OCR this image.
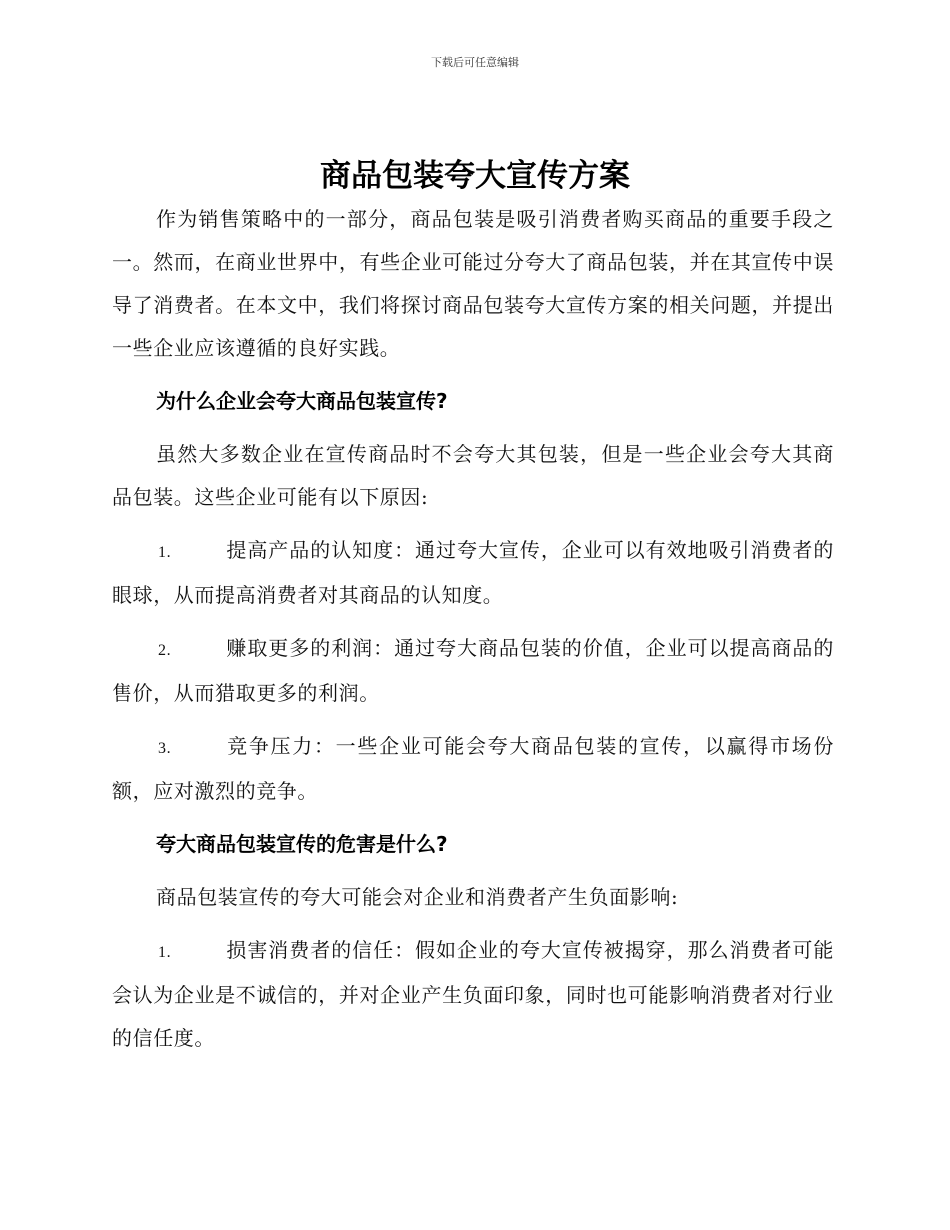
下载后可任意编辑
商品包装夸大宣传方案

作为销售策略中的一部分，商品包装是吸引消费者购买商品的重要手段之一。然而，在商业世界中，有些企业可能过分夸大了商品包装，并在其宣传中误导了消费者。在本文中，我们将探讨商品包装夸大宣传方案的相关问题，并提出一些企业应该遵循的良好实践。

为什么企业会夸大商品包装宣传?

虽然大多数企业在宣传商品时不会夸大其包装，但是一些企业会夸大其商品包装。这些企业可能有以下原因:

1.	提高产品的认知度：通过夸大宣传，企业可以有效地吸引消费者的眼球，从而提高消费者对其商品的认知度。

2.	赚取更多的利润：通过夸大商品包装的价值，企业可以提高商品的售价，从而猎取更多的利润。

3.	竞争压力：一些企业可能会夸大商品包装的宣传，以赢得市场份额，应对激烈的竞争。

夸大商品包装宣传的危害是什么?

商品包装宣传的夸大可能会对企业和消费者产生负面影响:

1.	损害消费者的信任：假如企业的夸大宣传被揭穿，那么消费者可能会认为企业是不诚信的，并对企业产生负面印象，同时也可能影响消费者对行业的信任度。
